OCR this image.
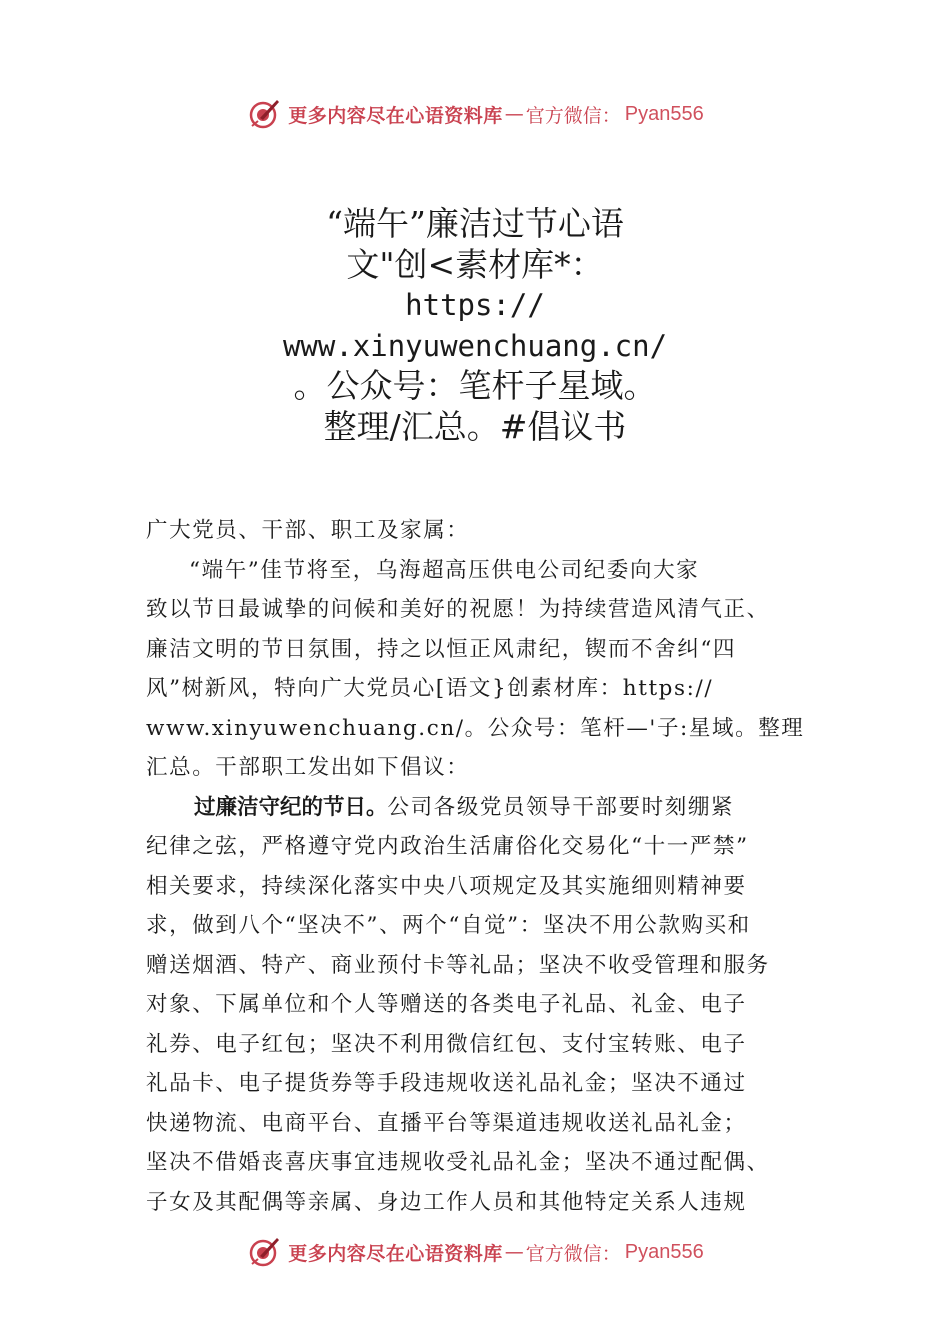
更多内容尽在心语资料库 — 官方微信： Pyan556
“端午”廉洁过节心语
文"创<素材库*：
https://
www.xinyuwenchuang.cn/
。公众号：笔杆子星域。
整理/汇总。#倡议书
广大党员、干部、职工及家属：
“端午”佳节将至，乌海超高压供电公司纪委向大家
致以节日最诚挚的问候和美好的祝愿！为持续营造风清气正、
廉洁文明的节日氛围，持之以恒正风肃纪，锲而不舍纠“四
风”树新风，特向广大党员心[语文}创素材库：https://
www.xinyuwenchuang.cn/。公众号：笔杆—'子:星域。整理
汇总。干部职工发出如下倡议：
过廉洁守纪的节日。公司各级党员领导干部要时刻绷紧
纪律之弦，严格遵守党内政治生活庸俗化交易化“十一严禁”
相关要求，持续深化落实中央八项规定及其实施细则精神要
求，做到八个“坚决不”、两个“自觉”：坚决不用公款购买和
赠送烟酒、特产、商业预付卡等礼品；坚决不收受管理和服务
对象、下属单位和个人等赠送的各类电子礼品、礼金、电子
礼券、电子红包；坚决不利用微信红包、支付宝转账、电子
礼品卡、电子提货券等手段违规收送礼品礼金；坚决不通过
快递物流、电商平台、直播平台等渠道违规收送礼品礼金；
坚决不借婚丧喜庆事宜违规收受礼品礼金；坚决不通过配偶、
子女及其配偶等亲属、身边工作人员和其他特定关系人违规
更多内容尽在心语资料库 — 官方微信： Pyan556
